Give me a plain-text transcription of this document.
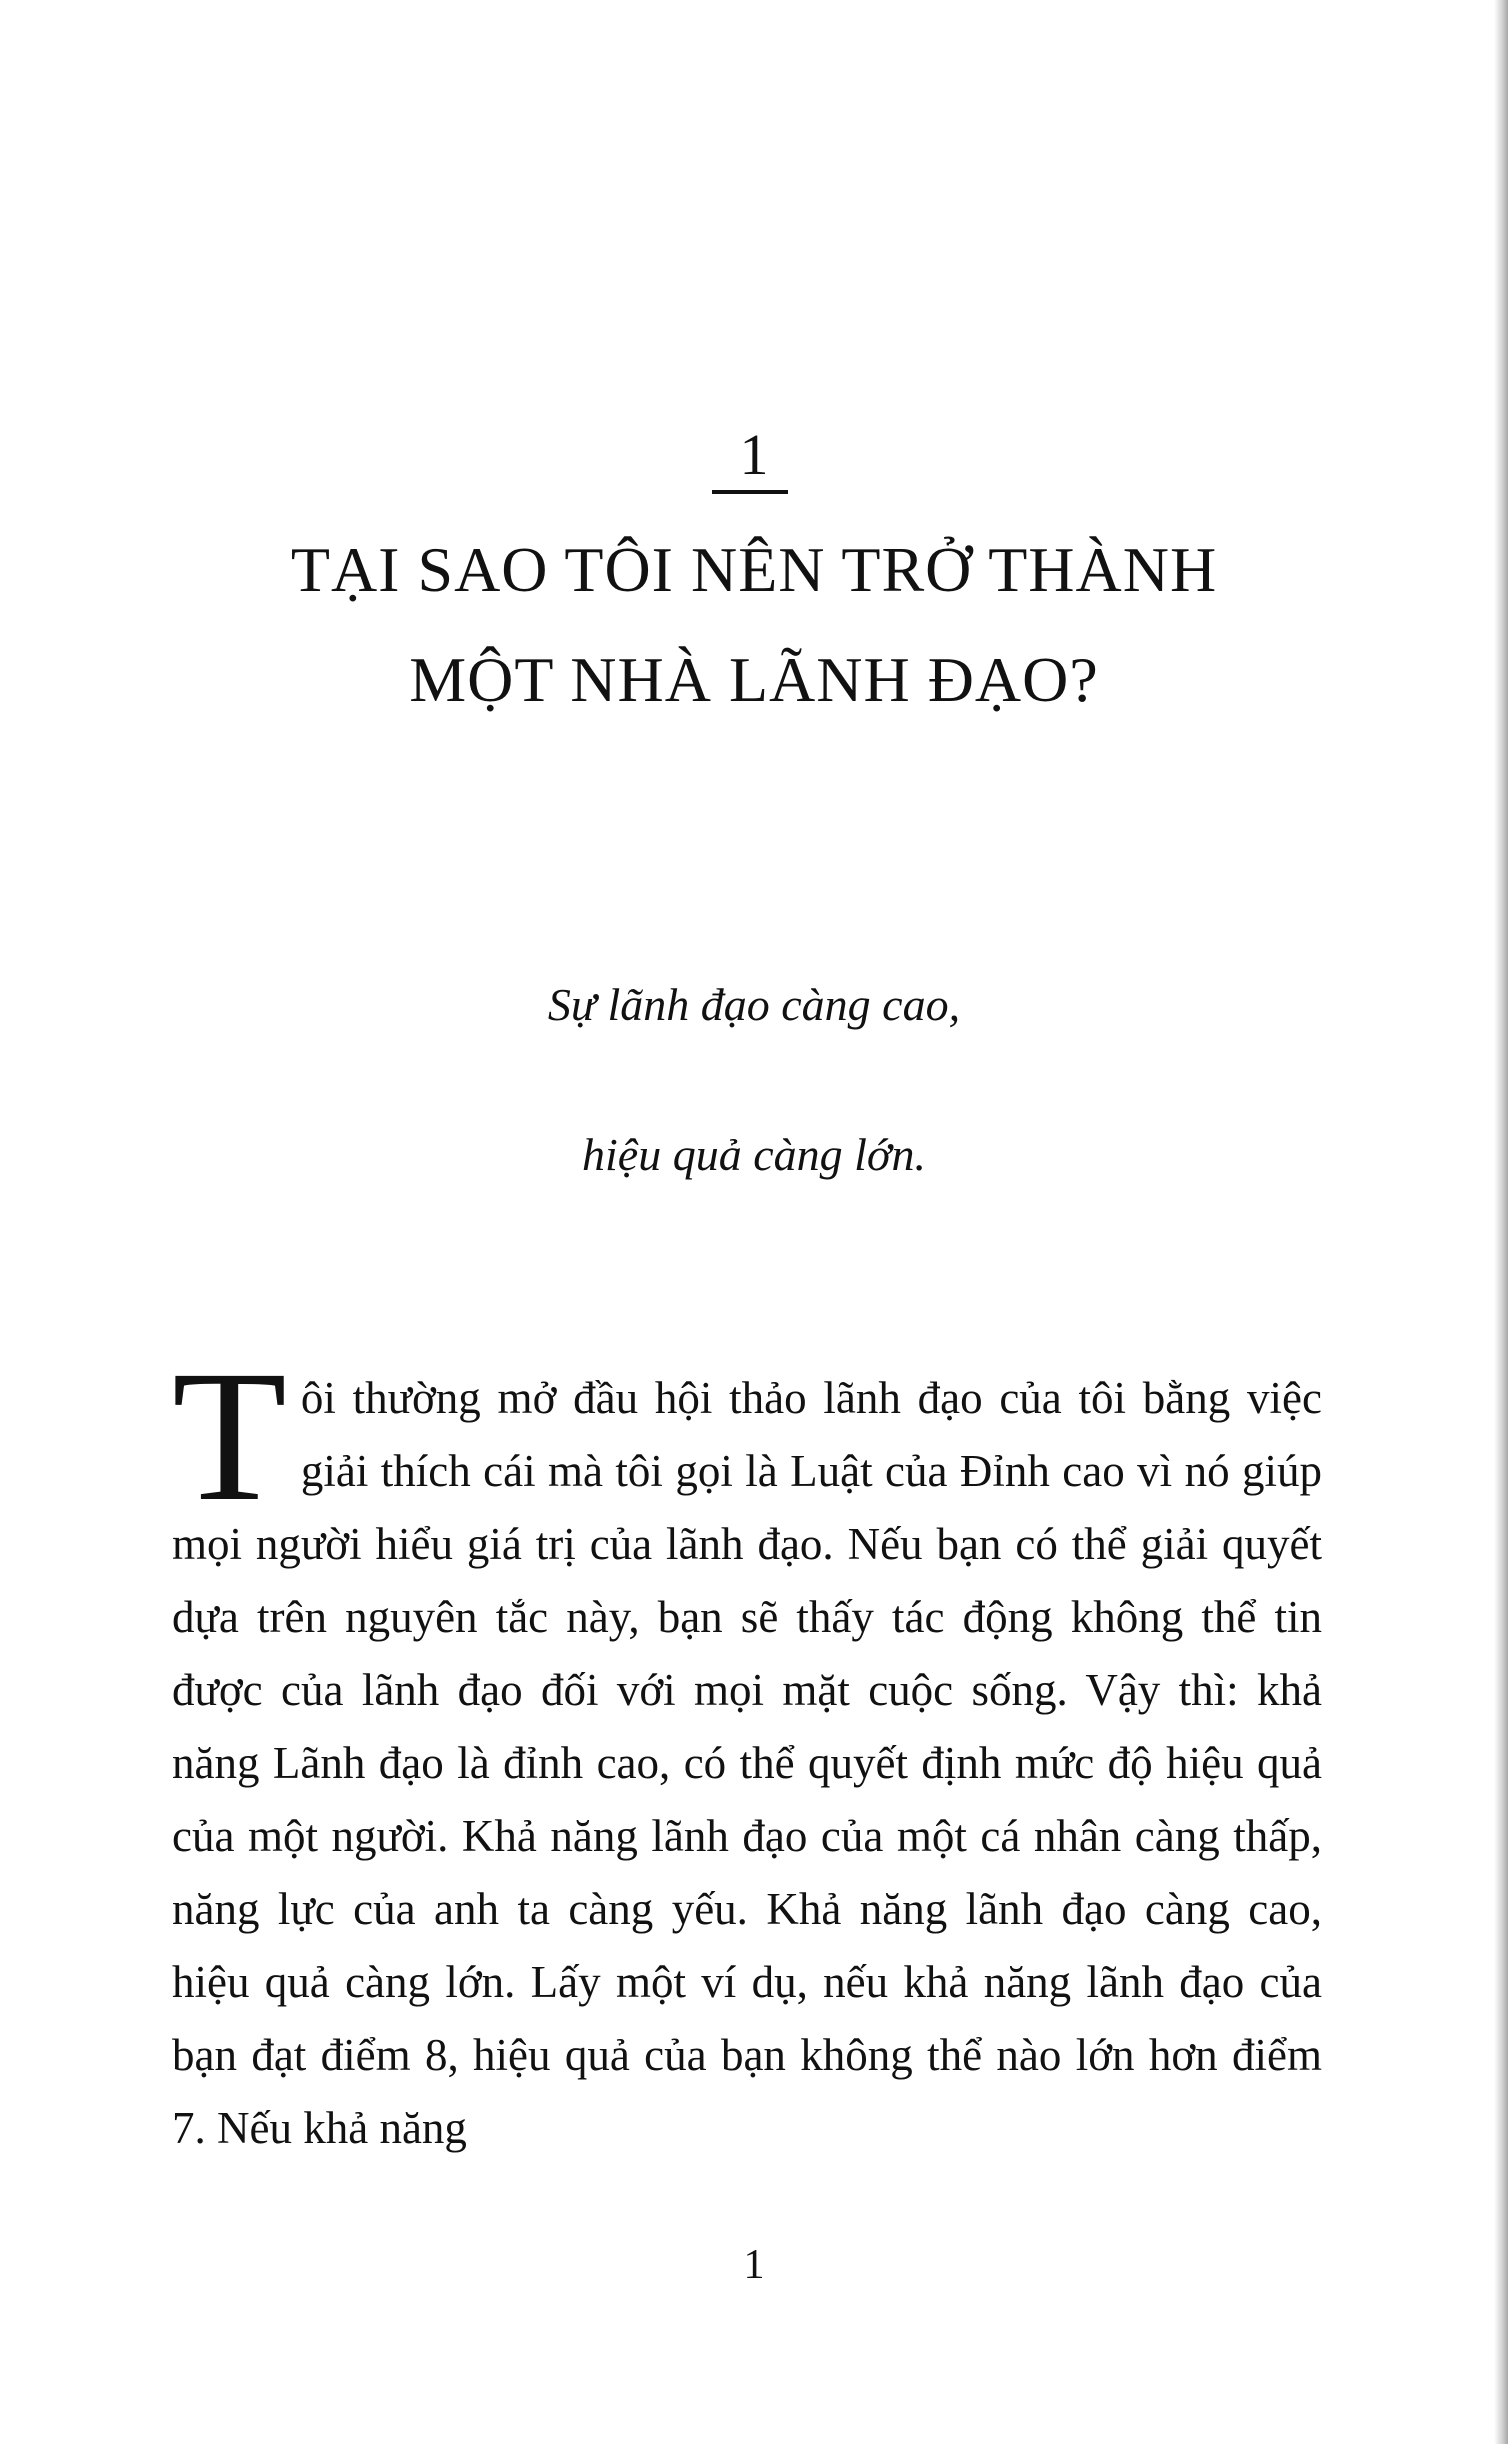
1
TẠI SAO TÔI NÊN TRỞ THÀNH
MỘT NHÀ LÃNH ĐẠO?
Sự lãnh đạo càng cao,
hiệu quả càng lớn.
Tôi thường mở đầu hội thảo lãnh đạo của tôi bằng việc giải thích cái mà tôi gọi là Luật của Đỉnh cao vì nó giúp mọi người hiểu giá trị của lãnh đạo. Nếu bạn có thể giải quyết dựa trên nguyên tắc này, bạn sẽ thấy tác động không thể tin được của lãnh đạo đối với mọi mặt cuộc sống. Vậy thì: khả năng Lãnh đạo là đỉnh cao, có thể quyết định mức độ hiệu quả của một người. Khả năng lãnh đạo của một cá nhân càng thấp, năng lực của anh ta càng yếu. Khả năng lãnh đạo càng cao, hiệu quả càng lớn. Lấy một ví dụ, nếu khả năng lãnh đạo của bạn đạt điểm 8, hiệu quả của bạn không thể nào lớn hơn điểm 7. Nếu khả năng
1
